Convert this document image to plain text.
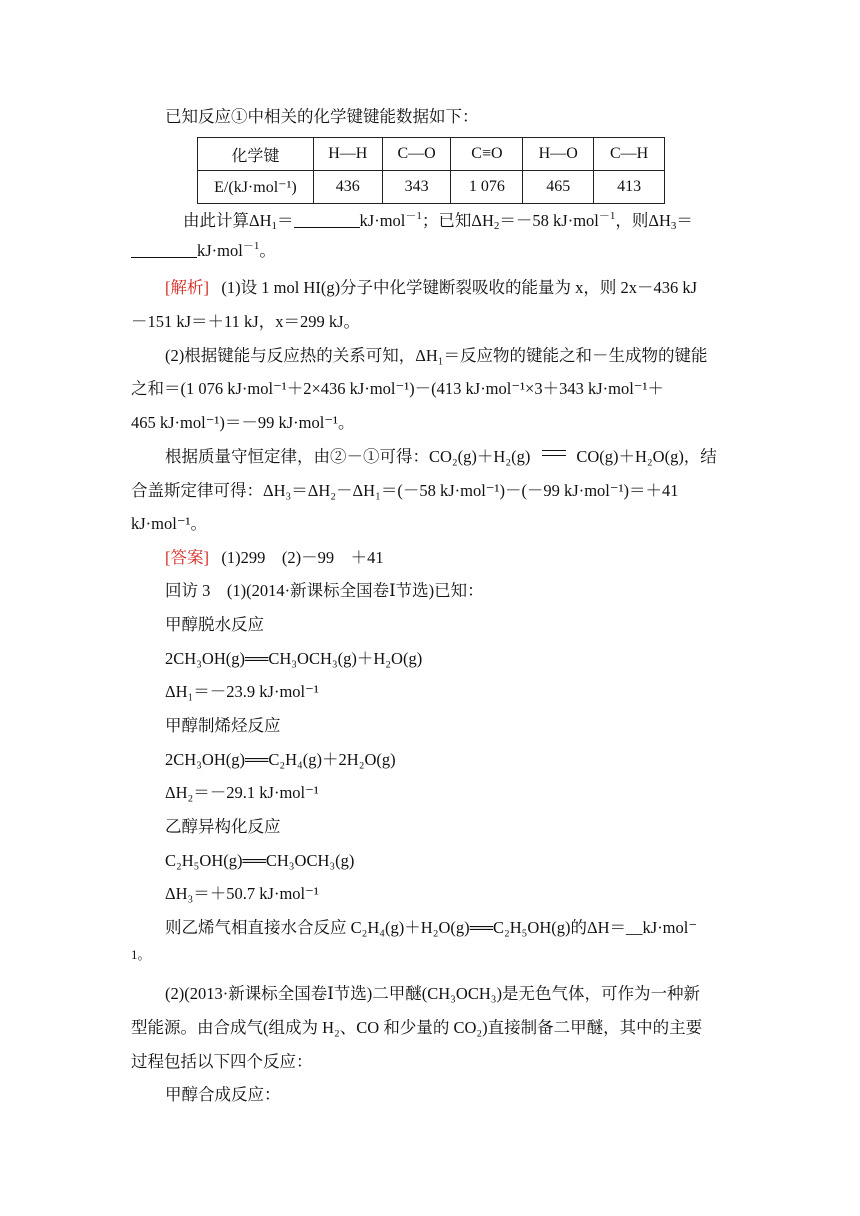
已知反应①中相关的化学键键能数据如下：
化学键	H—H	C—O	C≡O	H—O	C—H
E/(kJ·mol⁻¹)	436	343	1 076	465	413
由此计算$\Delta H_1=$	kJ·mol$^{-1}$；已知$\Delta H_2=-58$ kJ·mol$^{-1}$，则$\Delta H_3=$
kJ·mol$^{-1}$。
[解析] (1)设 1 mol HI(g)分子中化学键断裂吸收的能量为 x，则 2x－436 kJ
－151 kJ＝＋11 kJ，x＝299 kJ。
(2)根据键能与反应热的关系可知，ΔH₁＝反应物的键能之和－生成物的键能
之和＝(1 076 kJ·mol⁻¹＋2×436 kJ·mol⁻¹)－(413 kJ·mol⁻¹×3＋343 kJ·mol⁻¹＋
465 kJ·mol⁻¹)＝－99 kJ·mol⁻¹。
根据质量守恒定律，由②－①可得：CO₂(g)＋H₂(g)	CO(g)＋H₂O(g)，结
合盖斯定律可得：ΔH₃＝ΔH₂－ΔH₁＝(－58 kJ·mol⁻¹)－(－99 kJ·mol⁻¹)＝＋41
kJ·mol⁻¹。
[答案] (1)299　(2)－99　＋41
回访 3　(1)(2014·新课标全国卷Ⅰ节选)已知：
甲醇脱水反应
2CH₃OH(g)══CH₃OCH₃(g)＋H₂O(g)
ΔH₁＝－23.9 kJ·mol⁻¹
甲醇制烯烃反应
2CH₃OH(g)══C₂H₄(g)＋2H₂O(g)
ΔH₂＝－29.1 kJ·mol⁻¹
乙醇异构化反应
C₂H₅OH(g)══CH₃OCH₃(g)
ΔH₃＝＋50.7 kJ·mol⁻¹
则乙烯气相直接水合反应 C₂H₄(g)＋H₂O(g)══C₂H₅OH(g)的ΔH＝__kJ·mol⁻
1。
(2)(2013·新课标全国卷Ⅰ节选)二甲醚(CH₃OCH₃)是无色气体，可作为一种新
型能源。由合成气(组成为 H₂、CO 和少量的 CO₂)直接制备二甲醚，其中的主要
过程包括以下四个反应：
甲醇合成反应：
